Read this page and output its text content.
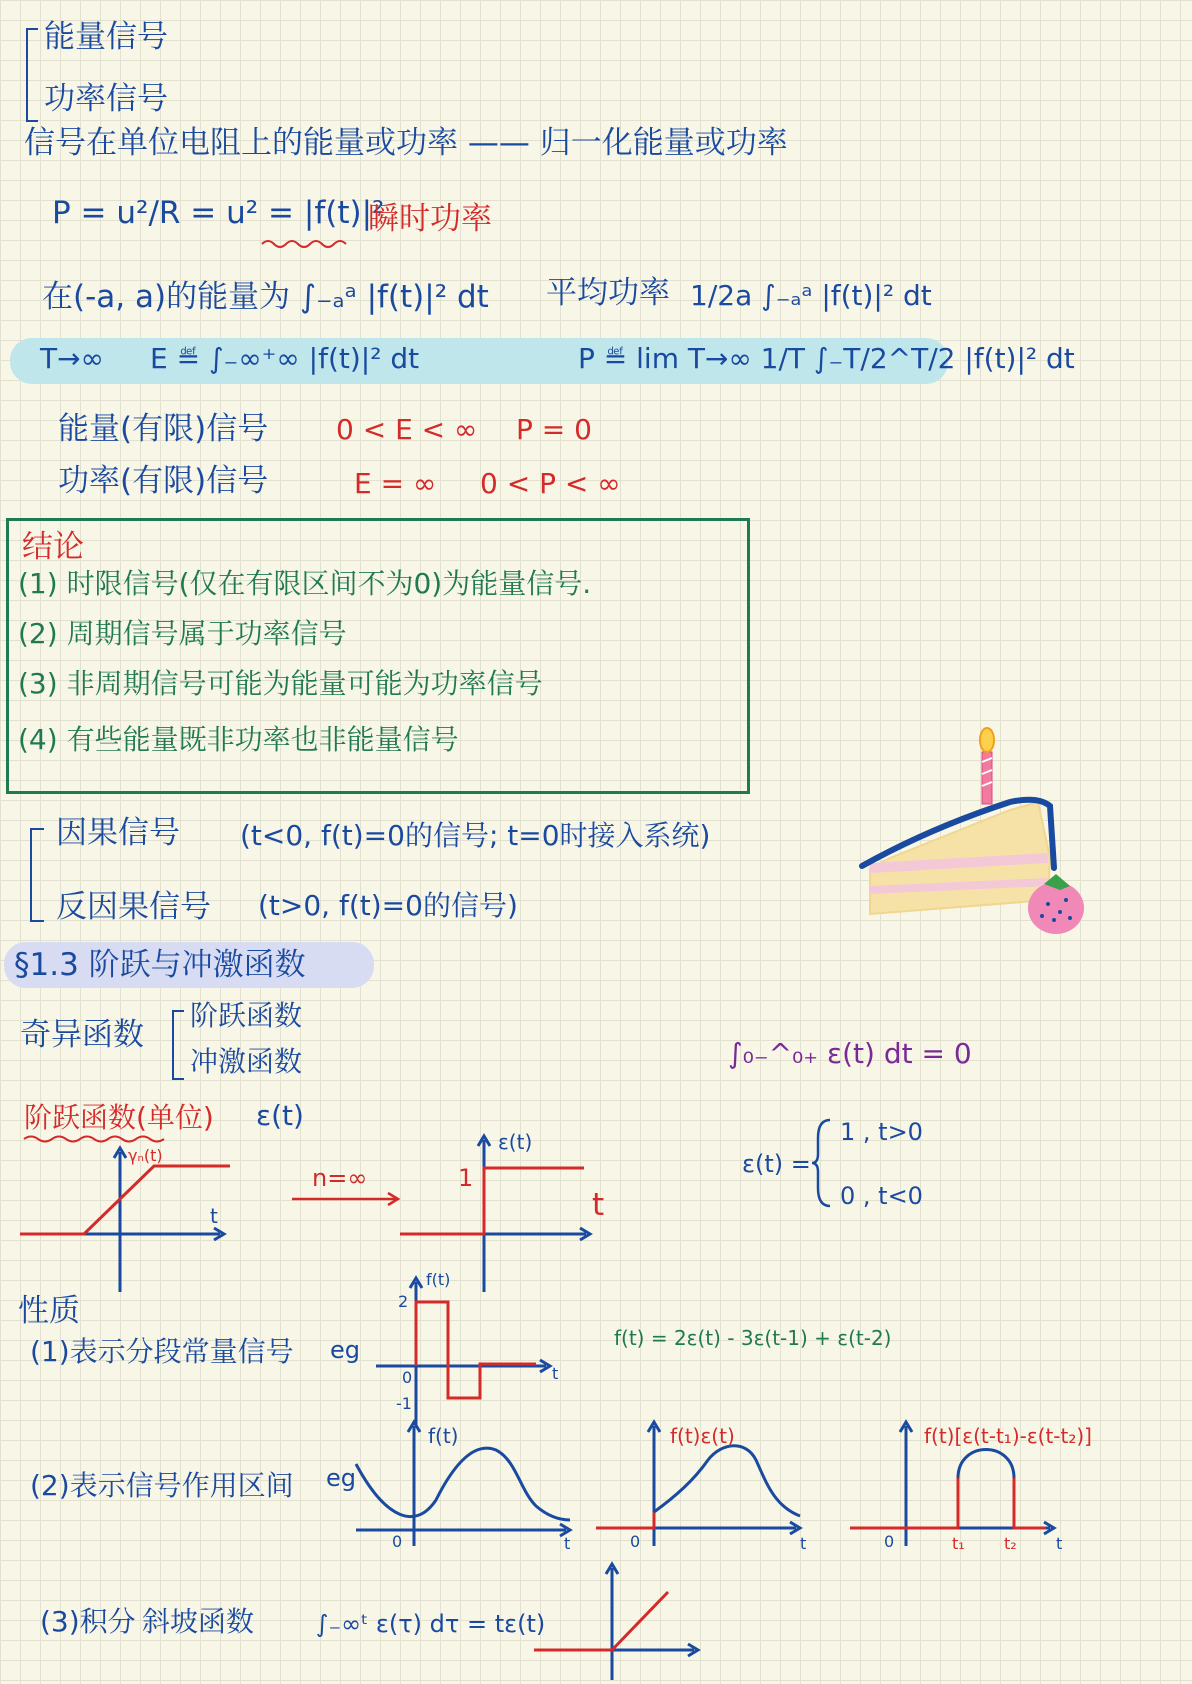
能量信号
功率信号
信号在单位电阻上的能量或功率 —— 归一化能量或功率
P = u²/R = u² = |f(t)|²
瞬时功率
在(-a, a)的能量为 ∫₋ₐᵃ |f(t)|² dt 平均功率 1/2a ∫₋ₐᵃ |f(t)|² dt
T→∞ E ≝ ∫₋∞⁺∞ |f(t)|² dt	P ≝ lim T→∞ 1/T ∫₋T/2^T/2 |f(t)|² dt
能量(有限)信号 0 < E < ∞ P = 0
功率(有限)信号	E = ∞ 0 < P < ∞
结论
(1) 时限信号(仅在有限区间不为0)为能量信号.
(2) 周期信号属于功率信号
(3) 非周期信号可能为能量可能为功率信号
(4) 有些能量既非功率也非能量信号
因果信号 (t<0, f(t)=0的信号; t=0时接入系统)
反因果信号 (t>0, f(t)=0的信号)
§1.3 阶跃与冲激函数
奇异函数
阶跃函数
冲激函数	∫₀₋^₀₊ ε(t) dt = 0
阶跃函数(单位) ε(t)
γₙ(t)
t
n=∞
ε(t)
1
t
ε(t) =
1 , t>0
0 , t<0
性质
(1)表示分段常量信号 eg
f(t)
2
0
-1
t
f(t) = 2ε(t) - 3ε(t-1) + ε(t-2)
(2)表示信号作用区间 eg
f(t)
0	t
f(t)ε(t)
0	t
f(t)[ε(t-t₁)-ε(t-t₂)]
0	t₁ t₂ t
(3)积分 斜坡函数	∫₋∞ᵗ ε(τ) dτ = tε(t)
